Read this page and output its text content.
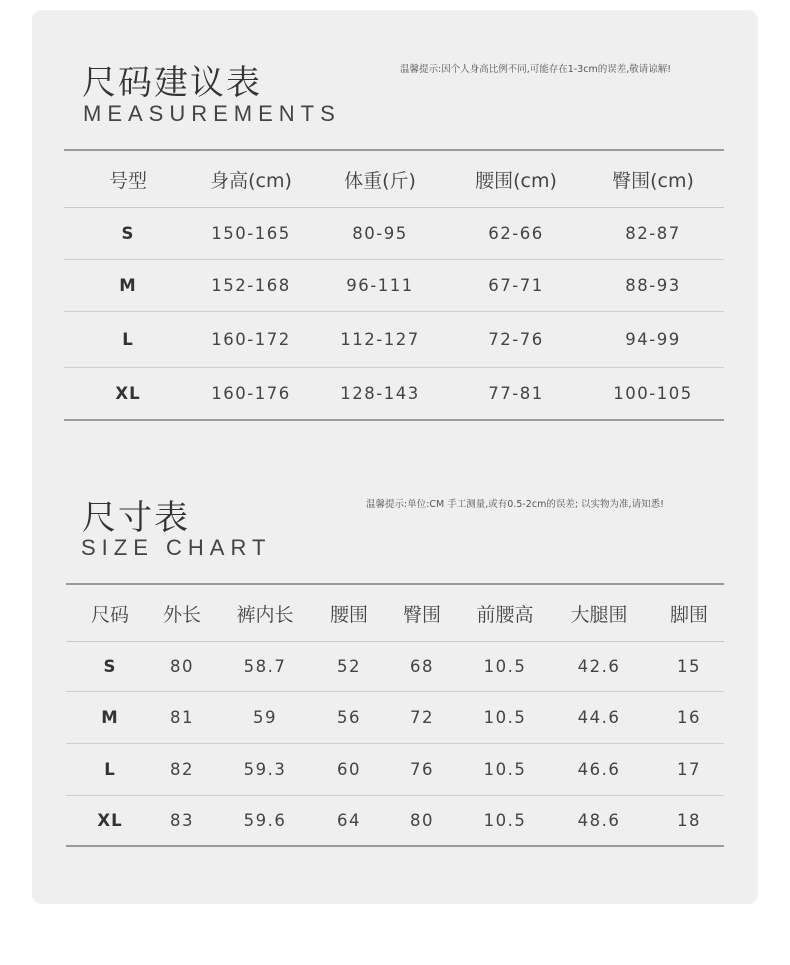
尺码建议表
MEASUREMENTS
温馨提示:因个人身高比例不同,可能存在1-3cm的误差,敬请谅解!
号型	身高(cm)	体重(斤)	腰围(cm)	臀围(cm)
S	150-165	80-95	62-66	82-87
M	152-168	96-111	67-71	88-93
L	160-172	112-127	72-76	94-99
XL	160-176	128-143	77-81	100-105
尺寸表
SIZE CHART
温馨提示:单位:CM 手工测量,或有0.5-2cm的误差; 以实物为准,请知悉!
尺码	外长	裤内长	腰围	臀围	前腰高	大腿围	脚围
S	80	58.7	52	68	10.5	42.6	15
M	81	59	56	72	10.5	44.6	16
L	82	59.3	60	76	10.5	46.6	17
XL	83	59.6	64	80	10.5	48.6	18
